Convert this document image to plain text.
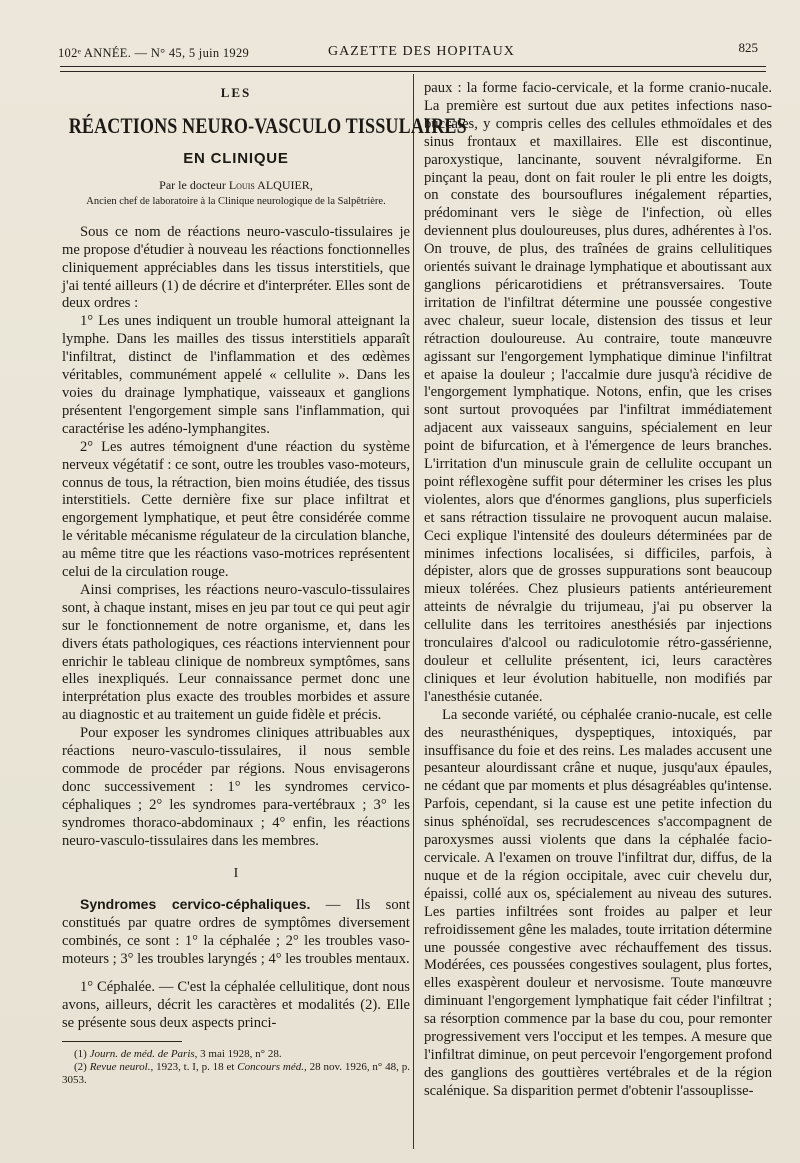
102ᵉ ANNÉE. — N° 45, 5 juin 1929	GAZETTE DES HOPITAUX	825
LES
RÉACTIONS NEURO-VASCULO TISSULAIRES
EN CLINIQUE
Par le docteur Louis ALQUIER,
Ancien chef de laboratoire à la Clinique neurologique de la Salpêtrière.

Sous ce nom de réactions neuro-vasculo-tissulaires je me propose d'étudier à nouveau les réactions fonctionnelles cliniquement appréciables dans les tissus interstitiels, que j'ai tenté ailleurs (1) de décrire et d'interpréter. Elles sont de deux ordres :

1° Les unes indiquent un trouble humoral atteignant la lymphe. Dans les mailles des tissus interstitiels apparaît l'infiltrat, distinct de l'inflammation et des œdèmes véritables, communément appelé « cellulite ». Dans les voies du drainage lymphatique, vaisseaux et ganglions présentent l'engorgement simple sans l'inflammation, qui caractérise les adéno-lymphangites.

2° Les autres témoignent d'une réaction du système nerveux végétatif : ce sont, outre les troubles vaso-moteurs, connus de tous, la rétraction, bien moins étudiée, des tissus interstitiels. Cette dernière fixe sur place infiltrat et engorgement lymphatique, et peut être considérée comme le véritable mécanisme régulateur de la circulation blanche, au même titre que les réactions vaso-motrices représentent celui de la circulation rouge.

Ainsi comprises, les réactions neuro-vasculo-tissulaires sont, à chaque instant, mises en jeu par tout ce qui peut agir sur le fonctionnement de notre organisme, et, dans les divers états pathologiques, ces réactions interviennent pour enrichir le tableau clinique de nombreux symptômes, sans elles inexpliqués. Leur connaissance permet donc une interprétation plus exacte des troubles morbides et assure au diagnostic et au traitement un guide fidèle et précis.

Pour exposer les syndromes cliniques attribuables aux réactions neuro-vasculo-tissulaires, il nous semble commode de procéder par régions. Nous envisagerons donc successivement : 1° les syndromes cervico-céphaliques ; 2° les syndromes para-vertébraux ; 3° les syndromes thoraco-abdominaux ; 4° enfin, les réactions neuro-vasculo-tissulaires dans les membres.

I

Syndromes cervico-céphaliques. — Ils sont constitués par quatre ordres de symptômes diversement combinés, ce sont : 1° la céphalée ; 2° les troubles vaso-moteurs ; 3° les troubles laryngés ; 4° les troubles mentaux.

1° Céphalée. — C'est la céphalée cellulitique, dont nous avons, ailleurs, décrit les caractères et modalités (2). Elle se présente sous deux aspects princi-

(1) Journ. de méd. de Paris, 3 mai 1928, n° 28.

(2) Revue neurol., 1923, t. I, p. 18 et Concours méd., 28 nov. 1926, n° 48, p. 3053.

paux : la forme facio-cervicale, et la forme cranio-nucale. La première est surtout due aux petites infections naso-buccales, y compris celles des cellules ethmoïdales et des sinus frontaux et maxillaires. Elle est discontinue, paroxystique, lancinante, souvent névralgiforme. En pinçant la peau, dont on fait rouler le pli entre les doigts, on constate des boursouflures inégalement réparties, prédominant vers le siège de l'infection, où elles deviennent plus douloureuses, plus dures, adhérentes à l'os. On trouve, de plus, des traînées de grains cellulitiques orientés suivant le drainage lymphatique et aboutissant aux ganglions péricarotidiens et prétransversaires. Toute irritation de l'infiltrat détermine une poussée congestive avec chaleur, sueur locale, distension des tissus et leur rétraction douloureuse. Au contraire, toute manœuvre agissant sur l'engorgement lymphatique diminue l'infiltrat et apaise la douleur ; l'accalmie dure jusqu'à récidive de l'engorgement lymphatique. Notons, enfin, que les crises sont surtout provoquées par l'infiltrat immédiatement adjacent aux vaisseaux sanguins, spécialement en leur point de bifurcation, et à l'émergence de leurs branches. L'irritation d'un minuscule grain de cellulite occupant un point réflexogène suffit pour déterminer les crises les plus violentes, alors que d'énormes ganglions, plus superficiels et sans rétraction tissulaire ne provoquent aucun malaise. Ceci explique l'intensité des douleurs déterminées par de minimes infections localisées, si difficiles, parfois, à dépister, alors que de grosses suppurations sont beaucoup mieux tolérées. Chez plusieurs patients antérieurement atteints de névralgie du trijumeau, j'ai pu observer la cellulite dans les territoires anesthésiés par injections tronculaires d'alcool ou radiculotomie rétro-gassérienne, douleur et cellulite présentent, ici, leurs caractères cliniques et leur évolution habituelle, non modifiés par l'anesthésie cutanée.

La seconde variété, ou céphalée cranio-nucale, est celle des neurasthéniques, dyspeptiques, intoxiqués, par insuffisance du foie et des reins. Les malades accusent une pesanteur alourdissant crâne et nuque, jusqu'aux épaules, ne cédant que par moments et plus désagréables qu'intense. Parfois, cependant, si la cause est une petite infection du sinus sphénoïdal, ses recrudescences s'accompagnent de paroxysmes aussi violents que dans la céphalée facio-cervicale. A l'examen on trouve l'infiltrat dur, diffus, de la nuque et de la région occipitale, avec cuir chevelu dur, épaissi, collé aux os, spécialement au niveau des sutures. Les parties infiltrées sont froides au palper et leur refroidissement gêne les malades, toute irritation détermine une poussée congestive avec réchauffement des tissus. Modérées, ces poussées congestives soulagent, plus fortes, elles exaspèrent douleur et nervosisme. Toute manœuvre diminuant l'engorgement lymphatique fait céder l'infiltrat ; sa résorption commence par la base du cou, pour remonter progressivement vers l'occiput et les tempes. A mesure que l'infiltrat diminue, on peut percevoir l'engorgement profond des ganglions des gouttières vertébrales et de la région scalénique. Sa disparition permet d'obtenir l'assouplisse-
